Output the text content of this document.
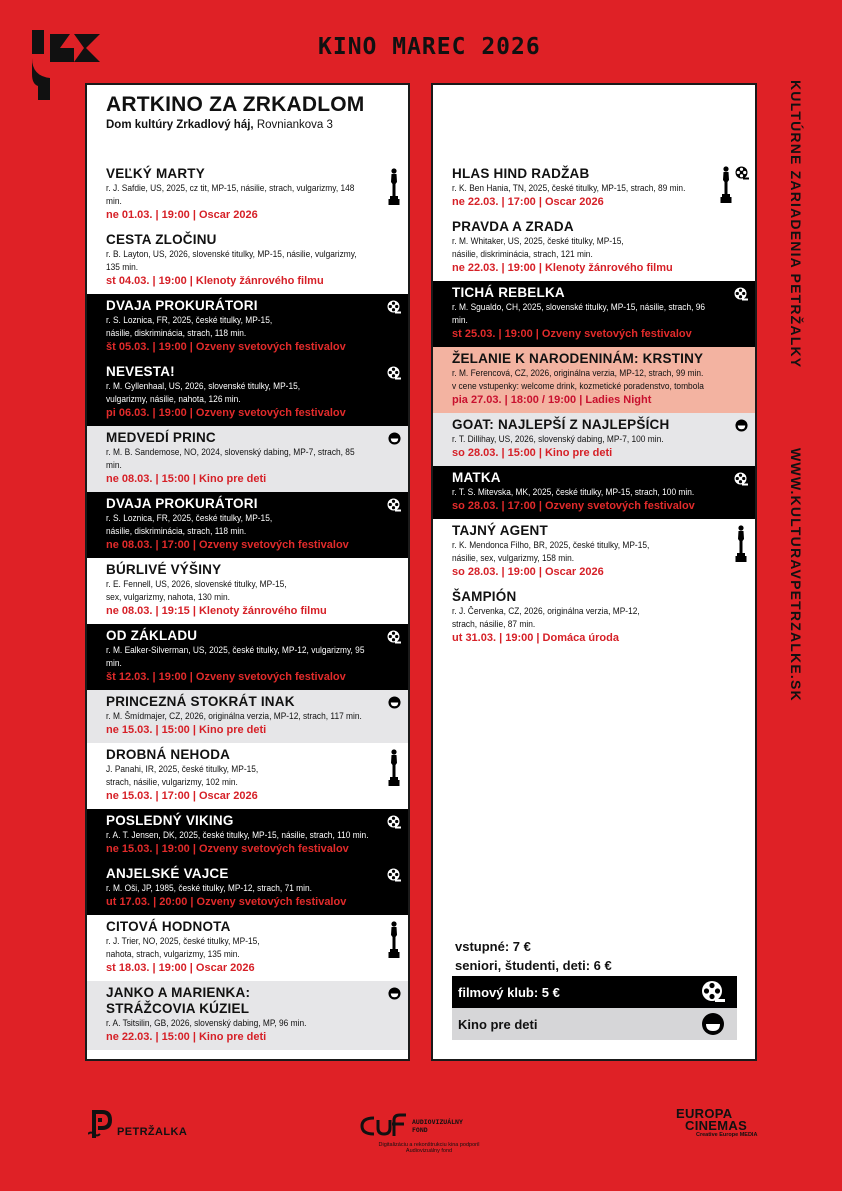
KINO MAREC 2026
KULTÚRNE ZARIADENIA PETRŽALKY
WWW.KULTURAVPETRZALKE.SK
ARTKINO ZA ZRKADLOM
Dom kultúry Zrkadlový háj, Rovniankova 3
VEĽKÝ MARTY
r. J. Safdie, US, 2025, cz tit, MP-15, násilie, strach, vulgarizmy, 148 min.
ne 01.03. | 19:00 | Oscar 2026
CESTA ZLOČINU
r. B. Layton, US, 2026, slovenské titulky, MP-15, násilie, vulgarizmy, 135 min.
st 04.03. | 19:00 | Klenoty žánrového filmu
DVAJA PROKURÁTORI
r. S. Loznica, FR, 2025, české titulky, MP-15,
násilie, diskriminácia, strach, 118 min.
št 05.03. | 19:00 | Ozveny svetových festivalov
NEVESTA!
r. M. Gyllenhaal, US, 2026, slovenské titulky, MP-15,
vulgarizmy, násilie, nahota, 126 min.
pi 06.03. | 19:00 | Ozveny svetových festivalov
MEDVEDÍ PRINC
r. M. B. Sandemose, NO, 2024, slovenský dabing, MP-7, strach, 85 min.
ne 08.03. | 15:00 | Kino pre deti
DVAJA PROKURÁTORI
r. S. Loznica, FR, 2025, české titulky, MP-15,
násilie, diskriminácia, strach, 118 min.
ne 08.03. | 17:00 | Ozveny svetových festivalov
BÚRLIVÉ VÝŠINY
r. E. Fennell, US, 2026, slovenské titulky, MP-15,
sex, vulgarizmy, nahota, 130 min.
ne 08.03. | 19:15 | Klenoty žánrového filmu
OD ZÁKLADU
r. M. Ealker-Silverman, US, 2025, české titulky, MP-12, vulgarizmy, 95 min.
št 12.03. | 19:00 | Ozveny svetových festivalov
PRINCEZNÁ STOKRÁT INAK
r. M. Šmídmajer, CZ, 2026, originálna verzia, MP-12, strach, 117 min.
ne 15.03. | 15:00 | Kino pre deti
DROBNÁ NEHODA
J. Panahi, IR, 2025, české titulky, MP-15,
strach, násilie, vulgarizmy, 102 min.
ne 15.03. | 17:00 | Oscar 2026
POSLEDNÝ VIKING
r. A. T. Jensen, DK, 2025, české titulky, MP-15, násilie, strach, 110 min.
ne 15.03. | 19:00 | Ozveny svetových festivalov
ANJELSKÉ VAJCE
r. M. Oši, JP, 1985, české titulky, MP-12, strach, 71 min.
ut 17.03. | 20:00 | Ozveny svetových festivalov
CITOVÁ HODNOTA
r. J. Trier, NO, 2025, české titulky, MP-15,
nahota, strach, vulgarizmy, 135 min.
st 18.03. | 19:00 | Oscar 2026
JANKO A MARIENKA:
STRÁŽCOVIA KÚZIEL
r. A. Tsitsilin, GB, 2026, slovenský dabing, MP, 96 min.
ne 22.03. | 15:00 | Kino pre deti
HLAS HIND RADŽAB
r. K. Ben Hania, TN, 2025, české titulky, MP-15, strach, 89 min.
ne 22.03. | 17:00 | Oscar 2026
PRAVDA A ZRADA
r. M. Whitaker, US, 2025, české titulky, MP-15,
násilie, diskriminácia, strach, 121 min.
ne 22.03. | 19:00 | Klenoty žánrového filmu
TICHÁ REBELKA
r. M. Sgualdo, CH, 2025, slovenské titulky, MP-15, násilie, strach, 96 min.
st 25.03. | 19:00 | Ozveny svetových festivalov
ŽELANIE K NARODENINÁM: KRSTINY
r. M. Ferencová, CZ, 2026, originálna verzia, MP-12, strach, 99 min.
v cene vstupenky: welcome drink, kozmetické poradenstvo, tombola
pia 27.03. | 18:00 / 19:00 | Ladies Night
GOAT: NAJLEPŠÍ Z NAJLEPŠÍCH
r. T. Dillihay, US, 2026, slovenský dabing, MP-7, 100 min.
so 28.03. | 15:00 | Kino pre deti
MATKA
r. T. S. Mitevska, MK, 2025, české titulky, MP-15, strach, 100 min.
so 28.03. | 17:00 | Ozveny svetových festivalov
TAJNÝ AGENT
r. K. Mendonca Filho, BR, 2025, české titulky, MP-15,
násilie, sex, vulgarizmy, 158 min.
so 28.03. | 19:00 | Oscar 2026
ŠAMPIÓN
r. J. Červenka, CZ, 2026, originálna verzia, MP-12,
strach, násilie, 87 min.
ut 31.03. | 19:00 | Domáca úroda
vstupné: 7 €
seniori, študenti, deti: 6 €
filmový klub: 5 €
Kino pre deti
PETRŽALKA
AUDIOVIZUÁLNY
FOND
Digitalizáciu a rekonštrukciu kina podporil Audiovizuálny fond
EUROPA
CINEMAS
Creative Europe MEDIA
